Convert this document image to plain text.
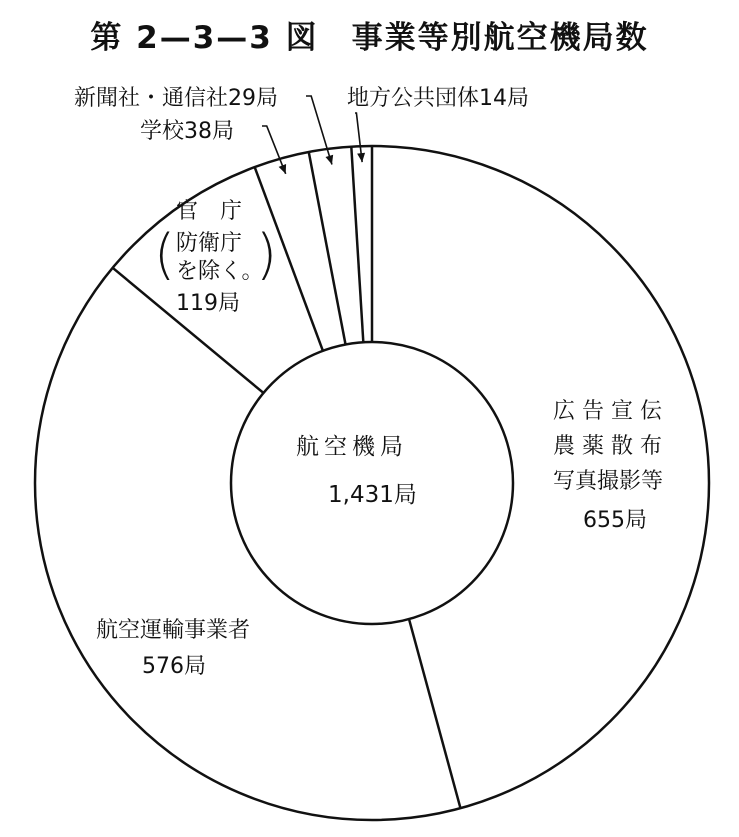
第 2—3—3 図　事業等別航空機局数
航空機局
1,431局
広 告 宣 伝
農 薬 散 布
写真撮影等
655局
航空運輸事業者
576局
官　庁
( 防衛庁
を除く。
)
119局
学校38局
新聞社・通信社29局	地方公共団体14局
